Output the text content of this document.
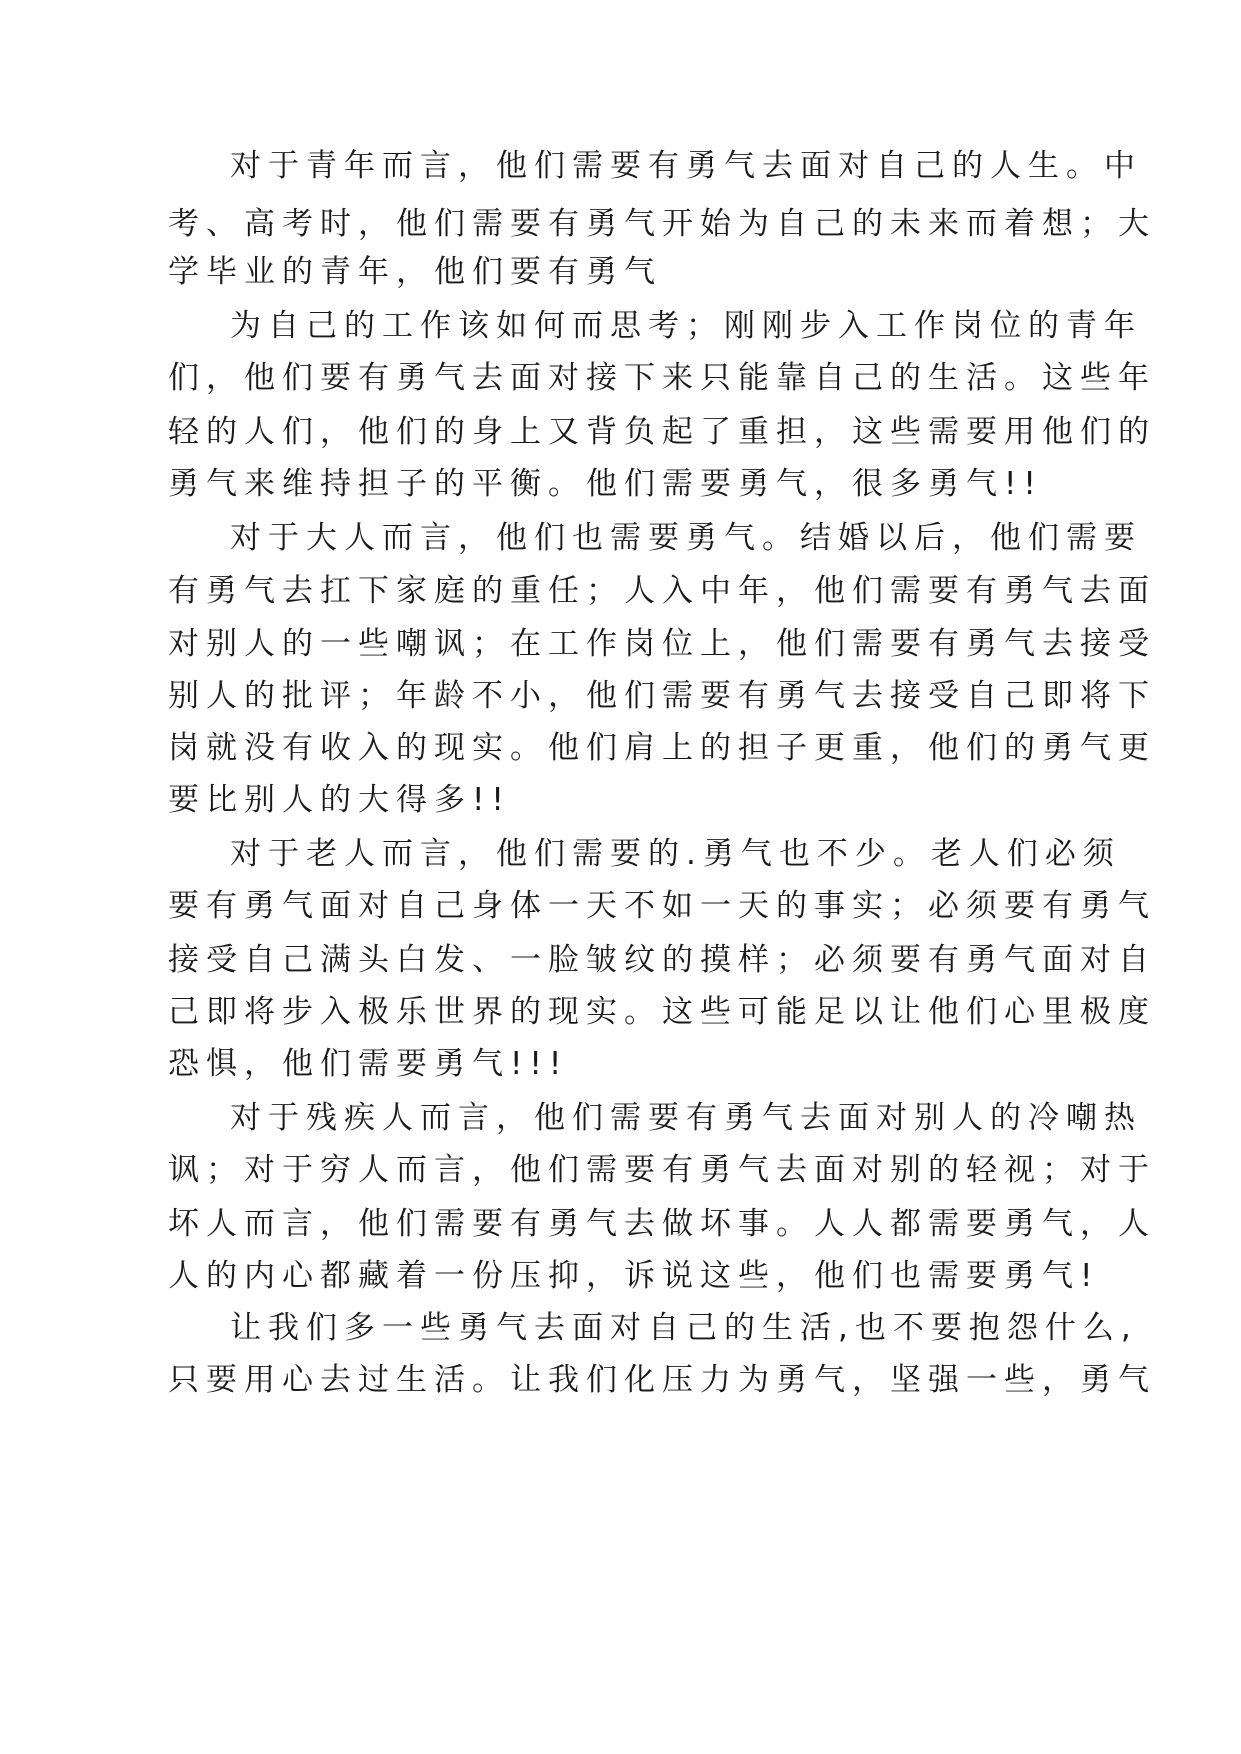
对于青年而言，他们需要有勇气去面对自己的人生。中

考、高考时，他们需要有勇气开始为自己的未来而着想；大

学毕业的青年，他们要有勇气

为自己的工作该如何而思考；刚刚步入工作岗位的青年

们，他们要有勇气去面对接下来只能靠自己的生活。这些年

轻的人们，他们的身上又背负起了重担，这些需要用他们的

勇气来维持担子的平衡。他们需要勇气，很多勇气!!

对于大人而言，他们也需要勇气。结婚以后，他们需要

有勇气去扛下家庭的重任；人入中年，他们需要有勇气去面

对别人的一些嘲讽；在工作岗位上，他们需要有勇气去接受

别人的批评；年龄不小，他们需要有勇气去接受自己即将下

岗就没有收入的现实。他们肩上的担子更重，他们的勇气更

要比别人的大得多!!

对于老人而言，他们需要的.勇气也不少。老人们必须

要有勇气面对自己身体一天不如一天的事实；必须要有勇气

接受自己满头白发、一脸皱纹的摸样；必须要有勇气面对自

己即将步入极乐世界的现实。这些可能足以让他们心里极度

恐惧，他们需要勇气!!!

对于残疾人而言，他们需要有勇气去面对别人的冷嘲热

讽；对于穷人而言，他们需要有勇气去面对别的轻视；对于

坏人而言，他们需要有勇气去做坏事。人人都需要勇气，人

人的内心都藏着一份压抑，诉说这些，他们也需要勇气!

让我们多一些勇气去面对自己的生活,也不要抱怨什么,

只要用心去过生活。让我们化压力为勇气，坚强一些，勇气
